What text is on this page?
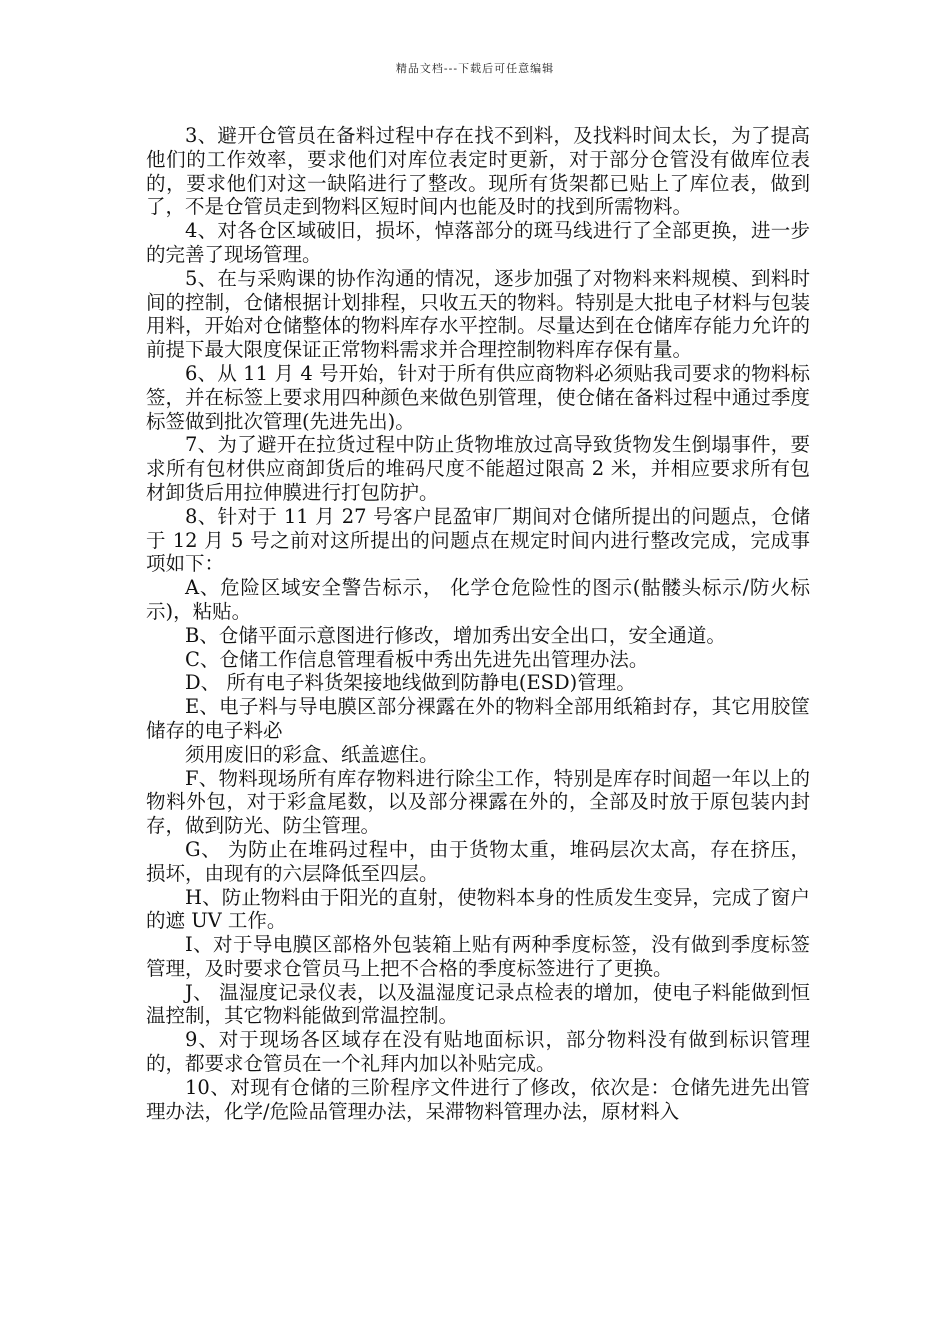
精品文档---下载后可任意编辑

3、避开仓管员在备料过程中存在找不到料，及找料时间太长，为了提高他们的工作效率，要求他们对库位表定时更新，对于部分仓管没有做库位表的，要求他们对这一缺陷进行了整改。现所有货架都已贴上了库位表，做到了，不是仓管员走到物料区短时间内也能及时的找到所需物料。

4、对各仓区域破旧，损坏，悼落部分的斑马线进行了全部更换，进一步的完善了现场管理。

5、在与采购课的协作沟通的情况，逐步加强了对物料来料规模、到料时间的控制，仓储根据计划排程，只收五天的物料。特别是大批电子材料与包装用料，开始对仓储整体的物料库存水平控制。尽量达到在仓储库存能力允许的前提下最大限度保证正常物料需求并合理控制物料库存保有量。

6、从 11 月 4 号开始，针对于所有供应商物料必须贴我司要求的物料标签，并在标签上要求用四种颜色来做色别管理，使仓储在备料过程中通过季度标签做到批次管理(先进先出)。

7、为了避开在拉货过程中防止货物堆放过高导致货物发生倒塌事件，要求所有包材供应商卸货后的堆码尺度不能超过限高 2 米，并相应要求所有包材卸货后用拉伸膜进行打包防护。

8、针对于 11 月 27 号客户昆盈审厂期间对仓储所提出的问题点，仓储于 12 月 5 号之前对这所提出的问题点在规定时间内进行整改完成，完成事项如下：

A、危险区域安全警告标示， 化学仓危险性的图示(骷髅头标示/防火标示)，粘贴。

B、仓储平面示意图进行修改，增加秀出安全出口，安全通道。

C、仓储工作信息管理看板中秀出先进先出管理办法。

D、 所有电子料货架接地线做到防静电(ESD)管理。

E、电子料与导电膜区部分裸露在外的物料全部用纸箱封存，其它用胶筐储存的电子料必

须用废旧的彩盒、纸盖遮住。

F、物料现场所有库存物料进行除尘工作，特别是库存时间超一年以上的物料外包，对于彩盒尾数，以及部分裸露在外的，全部及时放于原包装内封存，做到防光、防尘管理。

G、 为防止在堆码过程中，由于货物太重，堆码层次太高，存在挤压，损坏，由现有的六层降低至四层。

H、防止物料由于阳光的直射，使物料本身的性质发生变异，完成了窗户的遮 UV 工作。

I、对于导电膜区部格外包装箱上贴有两种季度标签，没有做到季度标签管理，及时要求仓管员马上把不合格的季度标签进行了更换。

J、 温湿度记录仪表，以及温湿度记录点检表的增加，使电子料能做到恒温控制，其它物料能做到常温控制。

9、对于现场各区域存在没有贴地面标识，部分物料没有做到标识管理的，都要求仓管员在一个礼拜内加以补贴完成。

10、对现有仓储的三阶程序文件进行了修改，依次是：仓储先进先出管理办法，化学/危险品管理办法，呆滞物料管理办法，原材料入
